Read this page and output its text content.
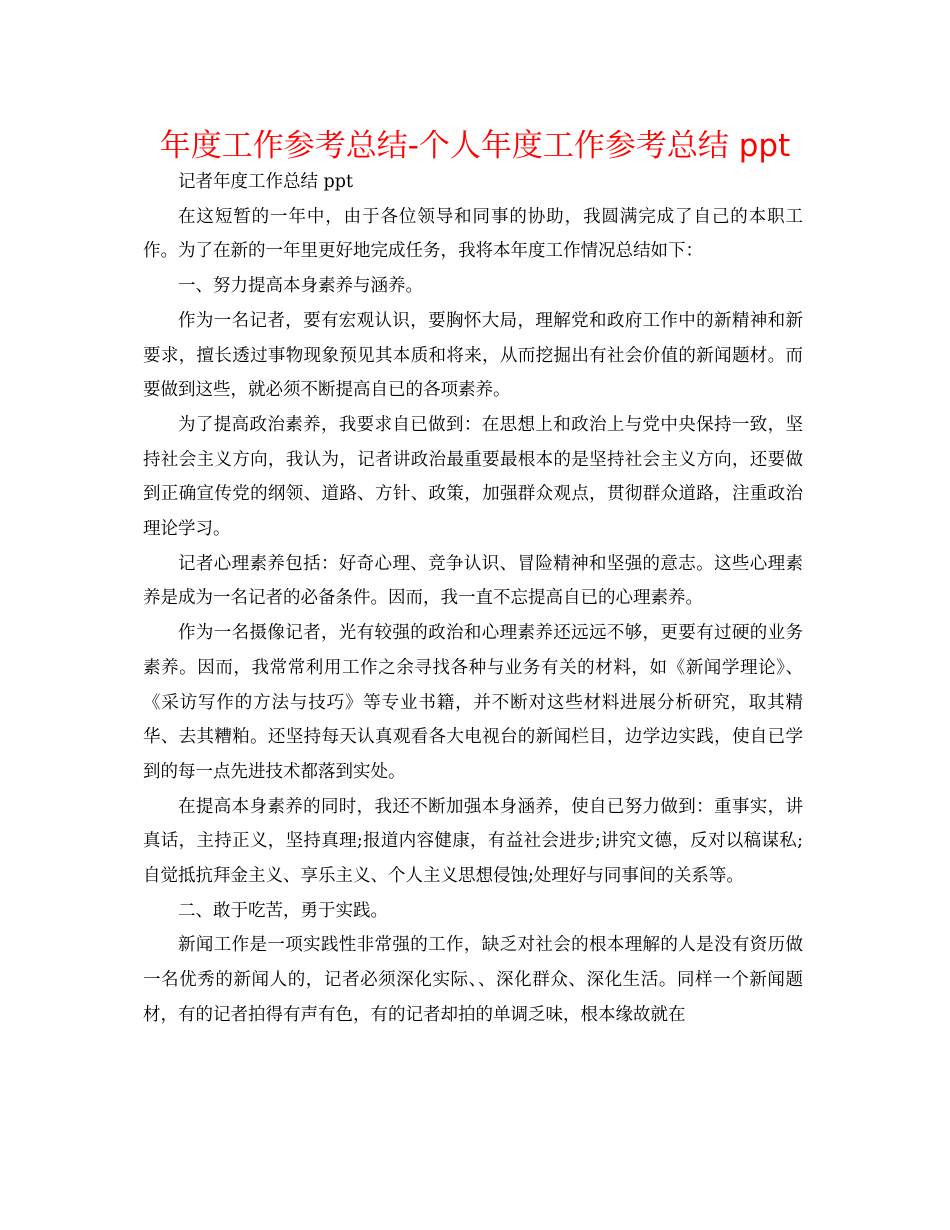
年度工作参考总结-个人年度工作参考总结 ppt

记者年度工作总结 ppt

在这短暂的一年中，由于各位领导和同事的协助，我圆满完成了自己的本职工作。为了在新的一年里更好地完成任务，我将本年度工作情况总结如下：

一、努力提高本身素养与涵养。

作为一名记者，要有宏观认识，要胸怀大局，理解党和政府工作中的新精神和新要求，擅长透过事物现象预见其本质和将来，从而挖掘出有社会价值的新闻题材。而要做到这些，就必须不断提高自已的各项素养。

为了提高政治素养，我要求自已做到：在思想上和政治上与党中央保持一致，坚持社会主义方向，我认为，记者讲政治最重要最根本的是坚持社会主义方向，还要做到正确宣传党的纲领、道路、方针、政策，加强群众观点，贯彻群众道路，注重政治理论学习。

记者心理素养包括：好奇心理、竞争认识、冒险精神和坚强的意志。这些心理素养是成为一名记者的必备条件。因而，我一直不忘提高自已的心理素养。

作为一名摄像记者，光有较强的政治和心理素养还远远不够，更要有过硬的业务素养。因而，我常常利用工作之余寻找各种与业务有关的材料，如《新闻学理论》、《采访写作的方法与技巧》等专业书籍，并不断对这些材料进展分析研究，取其精华、去其糟粕。还坚持每天认真观看各大电视台的新闻栏目，边学边实践，使自已学到的每一点先进技术都落到实处。

在提高本身素养的同时，我还不断加强本身涵养，使自已努力做到：重事实，讲真话，主持正义，坚持真理;报道内容健康，有益社会进步;讲究文德，反对以稿谋私;自觉抵抗拜金主义、享乐主义、个人主义思想侵蚀;处理好与同事间的关系等。

二、敢于吃苦，勇于实践。

新闻工作是一项实践性非常强的工作，缺乏对社会的根本理解的人是没有资历做一名优秀的新闻人的，记者必须深化实际、、深化群众、深化生活。同样一个新闻题材，有的记者拍得有声有色，有的记者却拍的单调乏味，根本缘故就在
